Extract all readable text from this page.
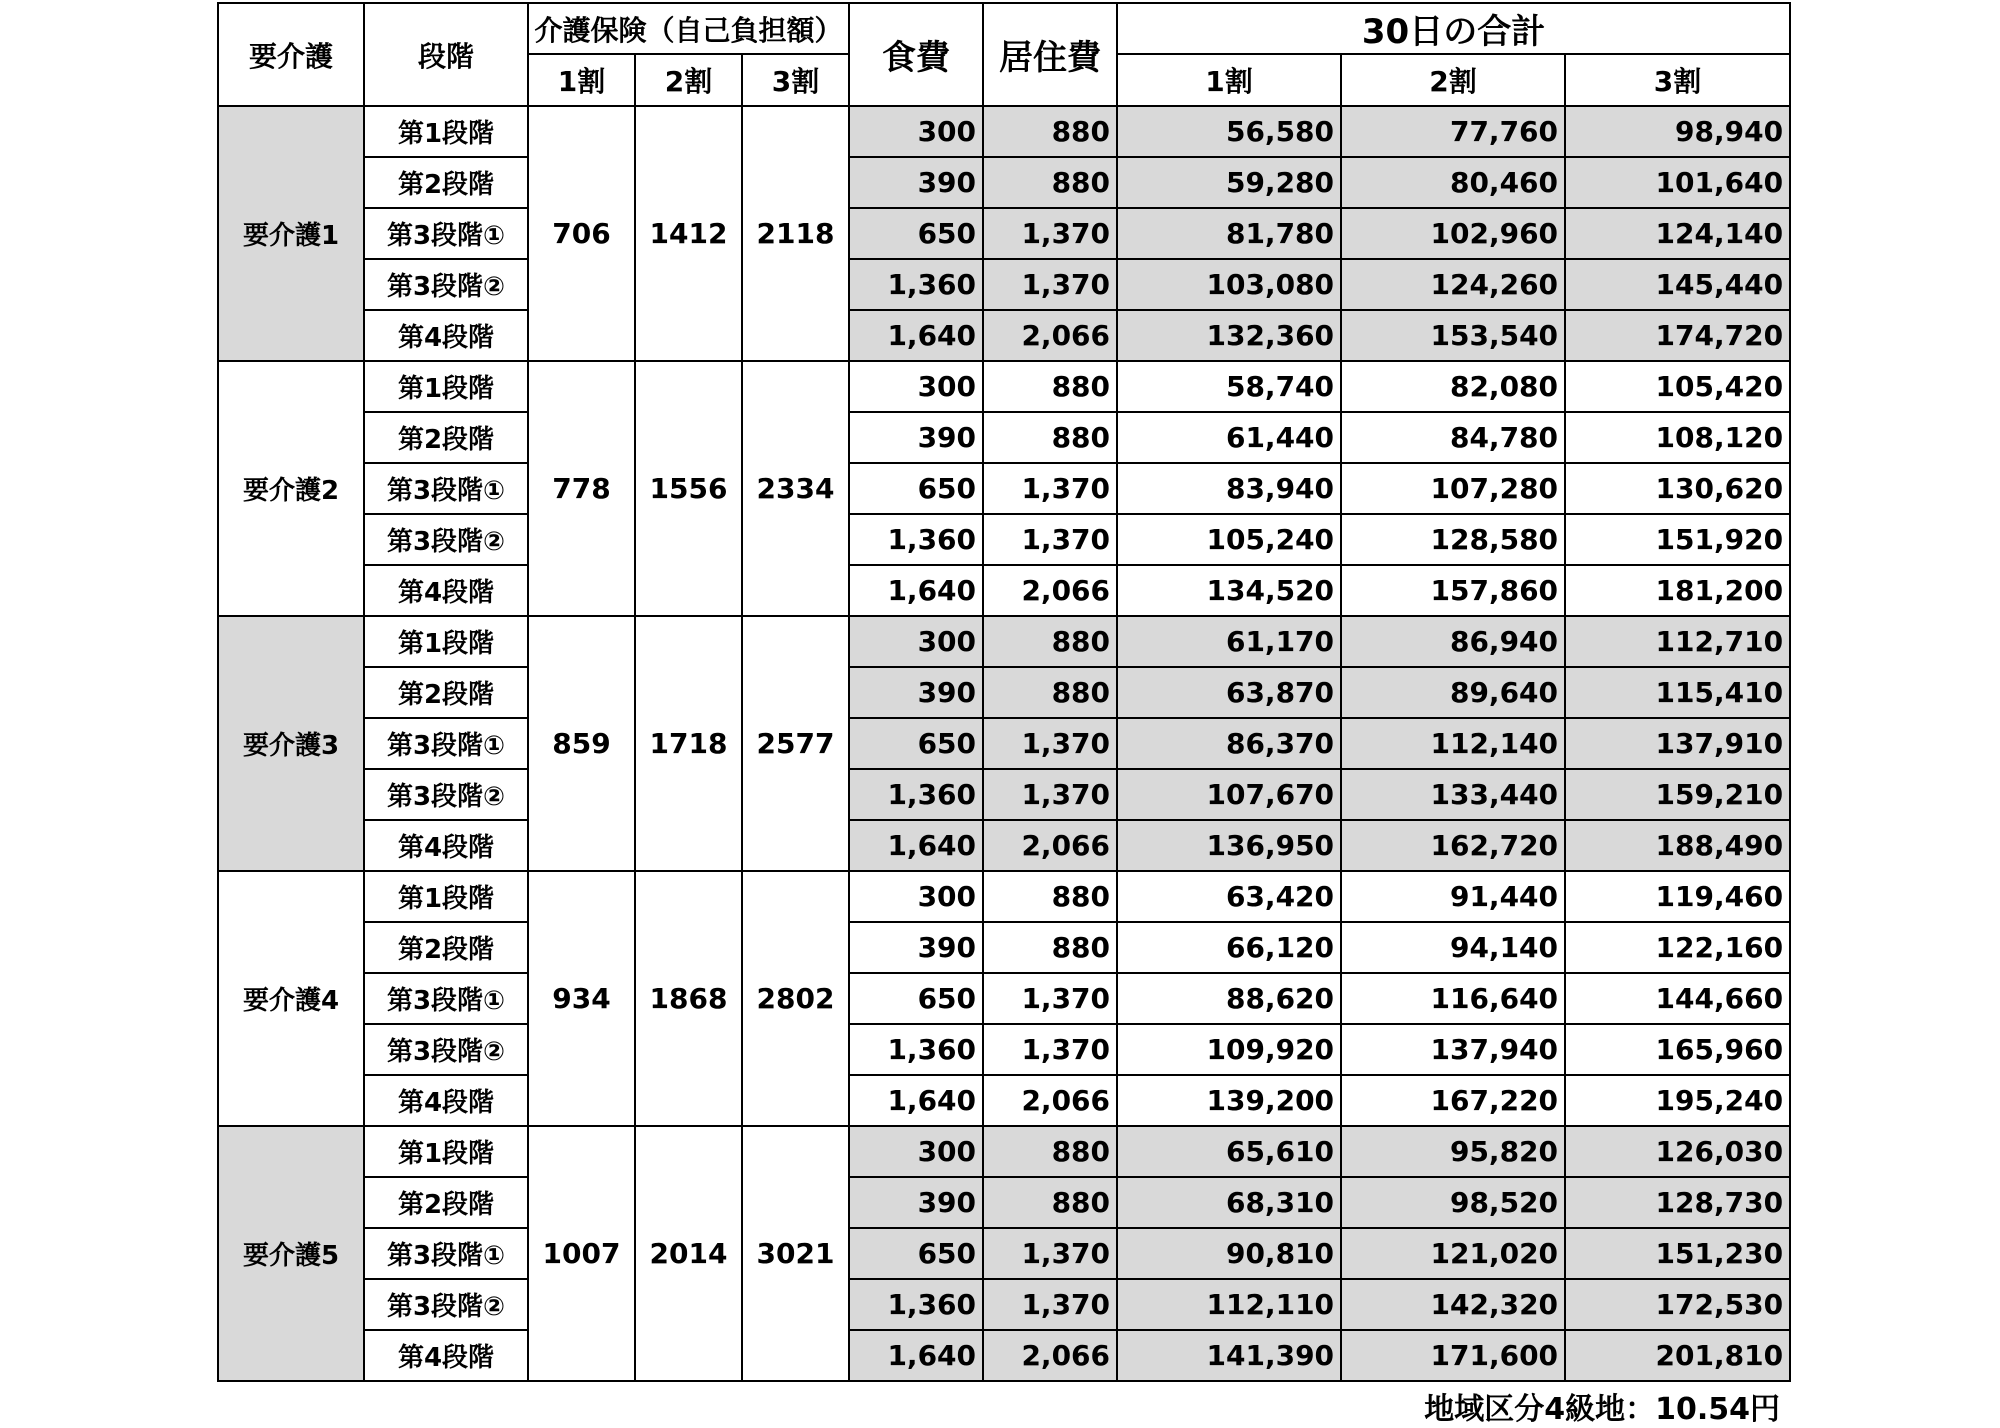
要介護	段階	介護保険（自己負担額）			食費	居住費	30日の合計		
		1割	2割	3割			1割	2割	3割
要介護1	第1段階	706	1412	2118	300	880	56,580	77,760	98,940
	第2段階				390	880	59,280	80,460	101,640
	第3段階①				650	1,370	81,780	102,960	124,140
	第3段階②				1,360	1,370	103,080	124,260	145,440
	第4段階				1,640	2,066	132,360	153,540	174,720
要介護2	第1段階	778	1556	2334	300	880	58,740	82,080	105,420
	第2段階				390	880	61,440	84,780	108,120
	第3段階①				650	1,370	83,940	107,280	130,620
	第3段階②				1,360	1,370	105,240	128,580	151,920
	第4段階				1,640	2,066	134,520	157,860	181,200
要介護3	第1段階	859	1718	2577	300	880	61,170	86,940	112,710
	第2段階				390	880	63,870	89,640	115,410
	第3段階①				650	1,370	86,370	112,140	137,910
	第3段階②				1,360	1,370	107,670	133,440	159,210
	第4段階				1,640	2,066	136,950	162,720	188,490
要介護4	第1段階	934	1868	2802	300	880	63,420	91,440	119,460
	第2段階				390	880	66,120	94,140	122,160
	第3段階①				650	1,370	88,620	116,640	144,660
	第3段階②				1,360	1,370	109,920	137,940	165,960
	第4段階				1,640	2,066	139,200	167,220	195,240
要介護5	第1段階	1007	2014	3021	300	880	65,610	95,820	126,030
	第2段階				390	880	68,310	98,520	128,730
	第3段階①				650	1,370	90,810	121,020	151,230
	第3段階②				1,360	1,370	112,110	142,320	172,530
	第4段階				1,640	2,066	141,390	171,600	201,810
地域区分4級地：10.54円
